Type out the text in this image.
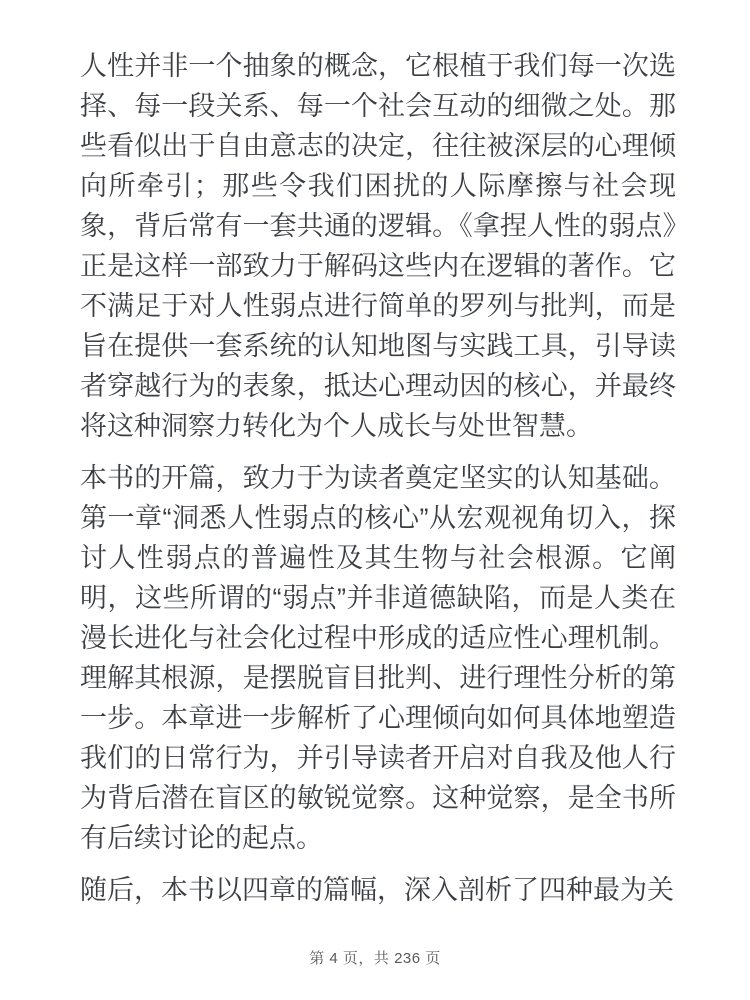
人性并非一个抽象的概念，它根植于我们每一次选择、每一段关系、每一个社会互动的细微之处。那些看似出于自由意志的决定，往往被深层的心理倾向所牵引；那些令我们困扰的人际摩擦与社会现象，背后常有一套共通的逻辑。《拿捏人性的弱点》正是这样一部致力于解码这些内在逻辑的著作。它不满足于对人性弱点进行简单的罗列与批判，而是旨在提供一套系统的认知地图与实践工具，引导读者穿越行为的表象，抵达心理动因的核心，并最终将这种洞察力转化为个人成长与处世智慧。

本书的开篇，致力于为读者奠定坚实的认知基础。第一章“洞悉人性弱点的核心”从宏观视角切入，探讨人性弱点的普遍性及其生物与社会根源。它阐明，这些所谓的“弱点”并非道德缺陷，而是人类在漫长进化与社会化过程中形成的适应性心理机制。理解其根源，是摆脱盲目批判、进行理性分析的第一步。本章进一步解析了心理倾向如何具体地塑造我们的日常行为，并引导读者开启对自我及他人行为背后潜在盲区的敏锐觉察。这种觉察，是全书所有后续讨论的起点。

随后，本书以四章的篇幅，深入剖析了四种最为关

第 4 页，共 236 页
